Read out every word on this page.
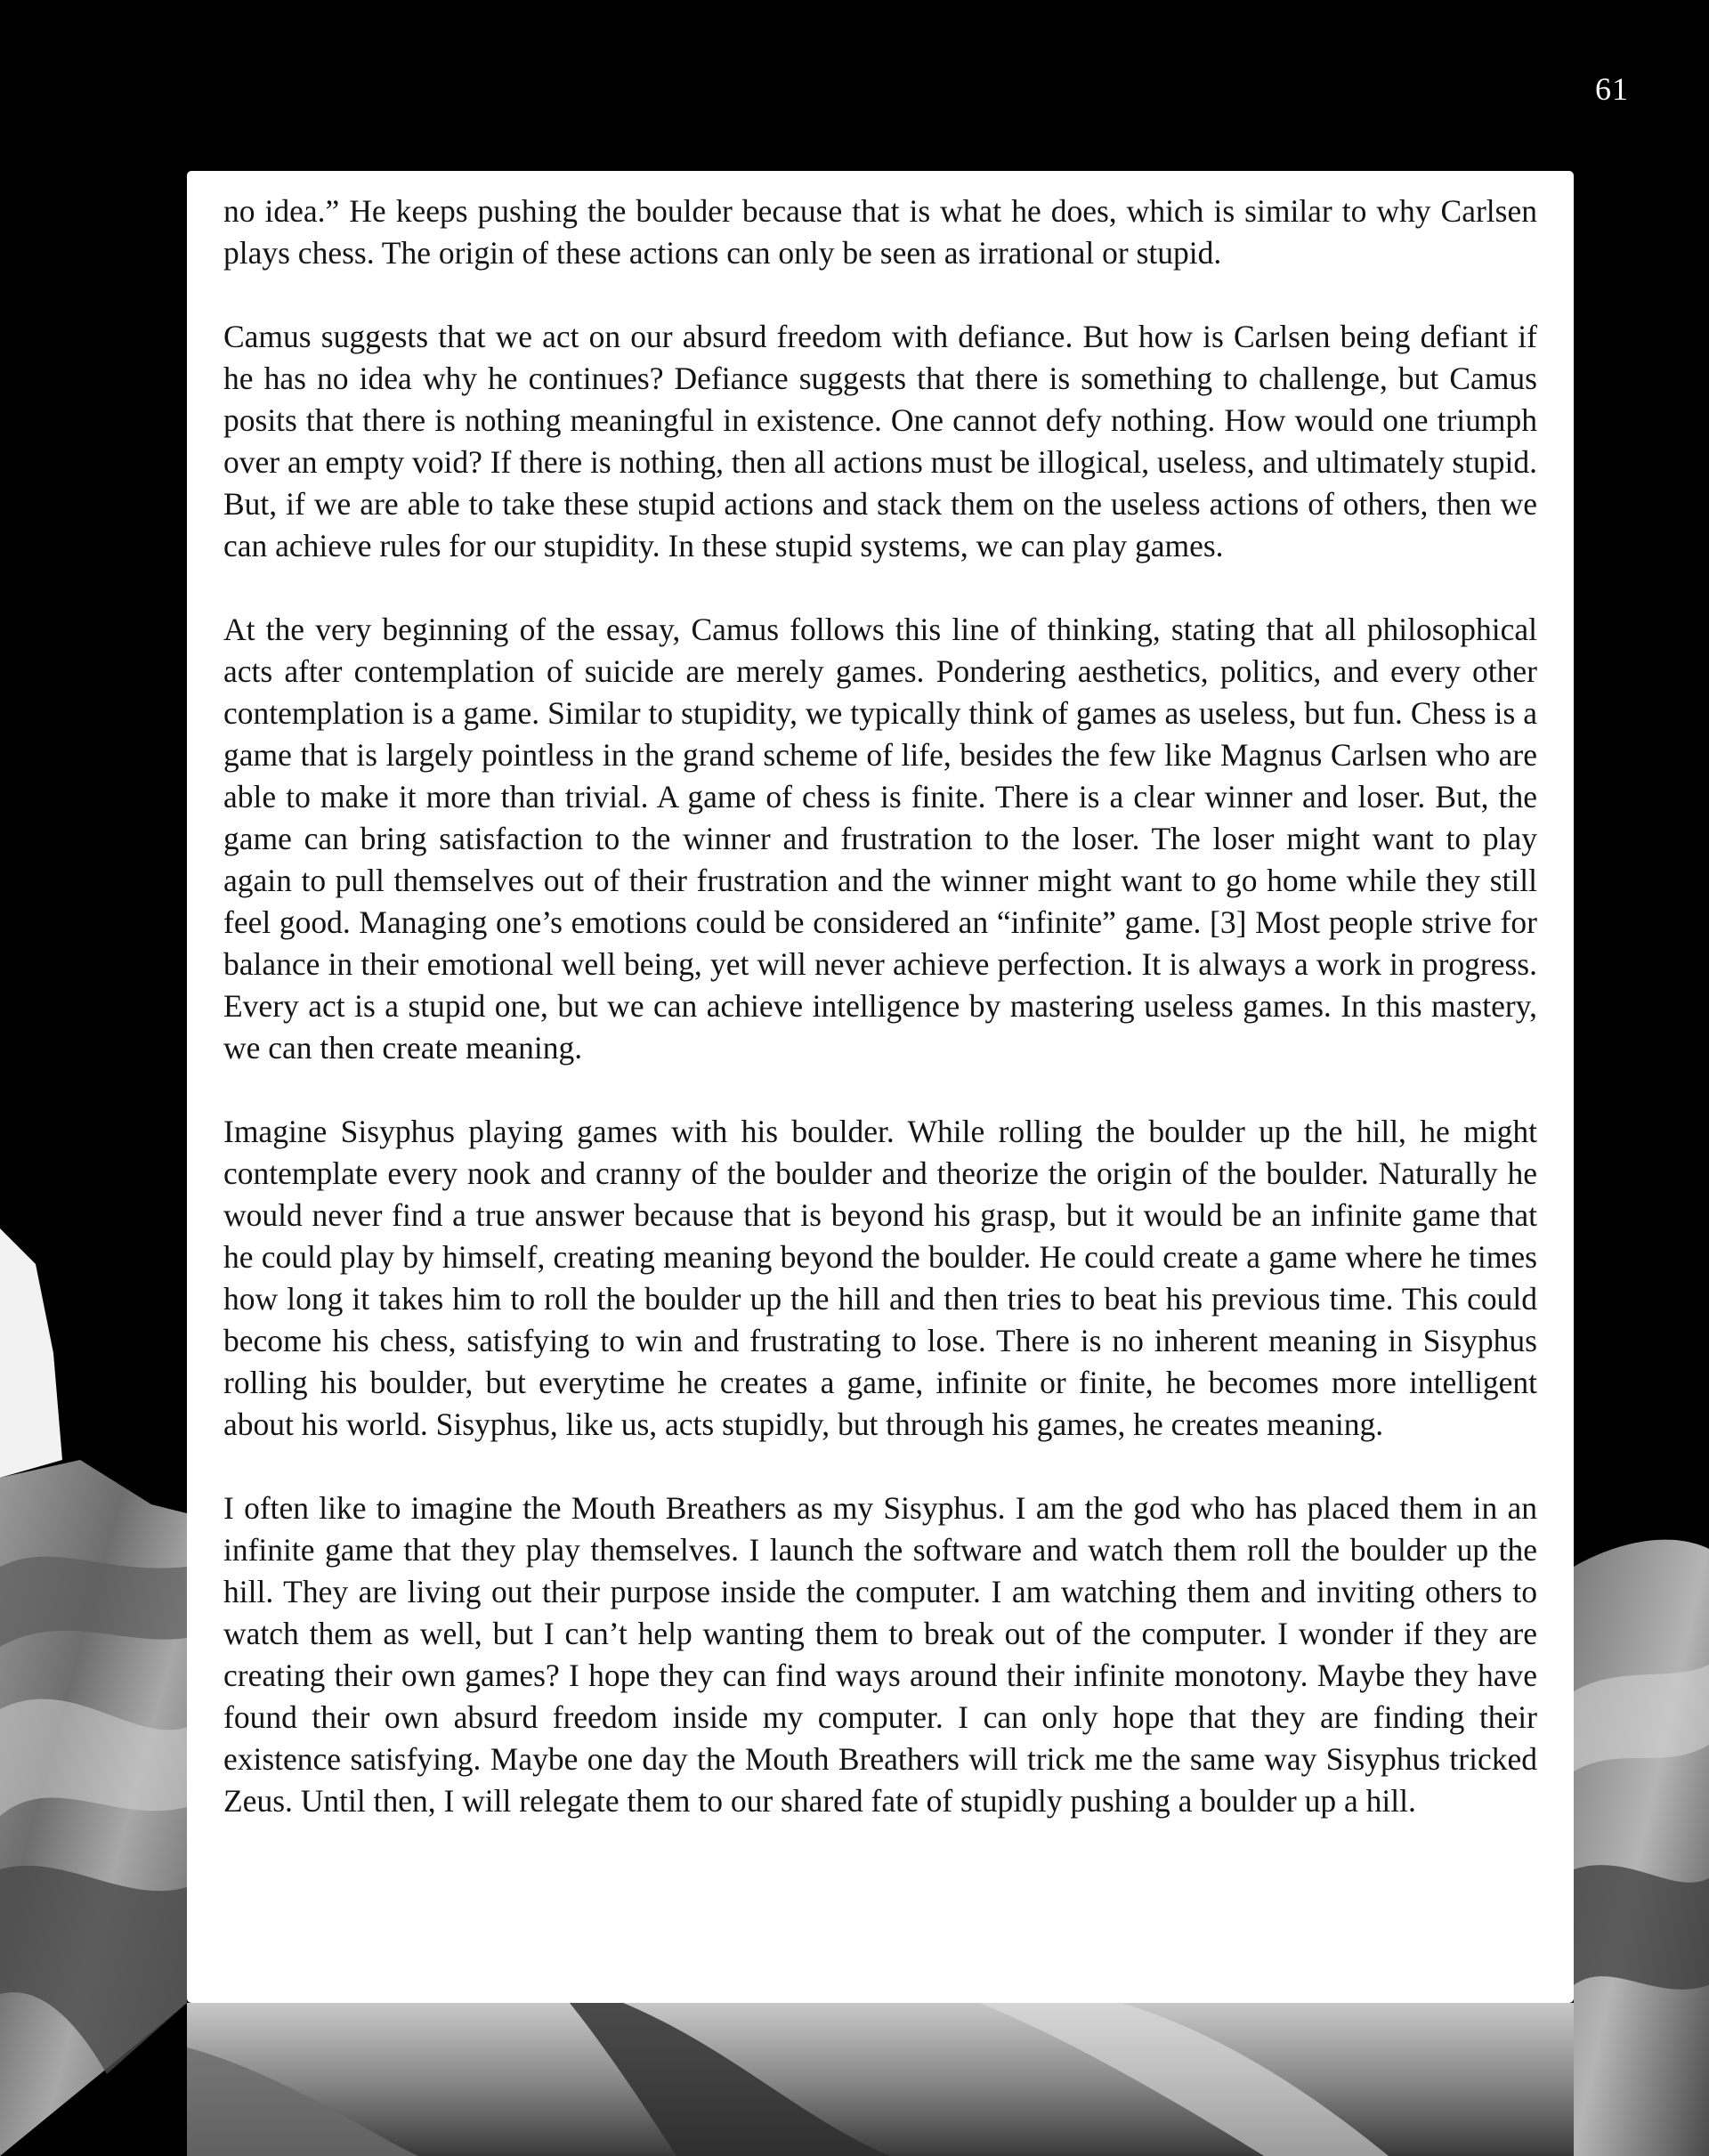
61

no idea.” He keeps pushing the boulder because that is what he does, which is similar to why Carlsen plays chess. The origin of these actions can only be seen as irrational or stupid.

Camus suggests that we act on our absurd freedom with defiance. But how is Carlsen being defiant if he has no idea why he continues? Defiance suggests that there is something to challenge, but Camus posits that there is nothing meaningful in existence. One cannot defy nothing. How would one triumph over an empty void? If there is nothing, then all actions must be illogical, useless, and ultimately stupid. But, if we are able to take these stupid actions and stack them on the useless actions of others, then we can achieve rules for our stupidity. In these stupid systems, we can play games.

At the very beginning of the essay, Camus follows this line of thinking, stating that all philosophical acts after contemplation of suicide are merely games. Pondering aesthetics, politics, and every other contemplation is a game. Similar to stupidity, we typically think of games as useless, but fun. Chess is a game that is largely pointless in the grand scheme of life, besides the few like Magnus Carlsen who are able to make it more than trivial. A game of chess is finite. There is a clear winner and loser. But, the game can bring satisfaction to the winner and frustration to the loser. The loser might want to play again to pull themselves out of their frustration and the winner might want to go home while they still feel good. Managing one’s emotions could be considered an “infinite” game. [3] Most people strive for balance in their emotional well being, yet will never achieve perfection. It is always a work in progress. Every act is a stupid one, but we can achieve intelligence by mastering useless games. In this mastery, we can then create meaning.

Imagine Sisyphus playing games with his boulder. While rolling the boulder up the hill, he might contemplate every nook and cranny of the boulder and theorize the origin of the boulder. Naturally he would never find a true answer because that is beyond his grasp, but it would be an infinite game that he could play by himself, creating meaning beyond the boulder. He could create a game where he times how long it takes him to roll the boulder up the hill and then tries to beat his previous time. This could become his chess, satisfying to win and frustrating to lose. There is no inherent meaning in Sisyphus rolling his boulder, but everytime he creates a game, infinite or finite, he becomes more intelligent about his world. Sisyphus, like us, acts stupidly, but through his games, he creates meaning.

I often like to imagine the Mouth Breathers as my Sisyphus. I am the god who has placed them in an infinite game that they play themselves. I launch the software and watch them roll the boulder up the hill. They are living out their purpose inside the computer. I am watching them and inviting others to watch them as well, but I can’t help wanting them to break out of the computer. I wonder if they are creating their own games? I hope they can find ways around their infinite monotony. Maybe they have found their own absurd freedom inside my computer. I can only hope that they are finding their existence satisfying. Maybe one day the Mouth Breathers will trick me the same way Sisyphus tricked Zeus. Until then, I will relegate them to our shared fate of stupidly pushing a boulder up a hill.
